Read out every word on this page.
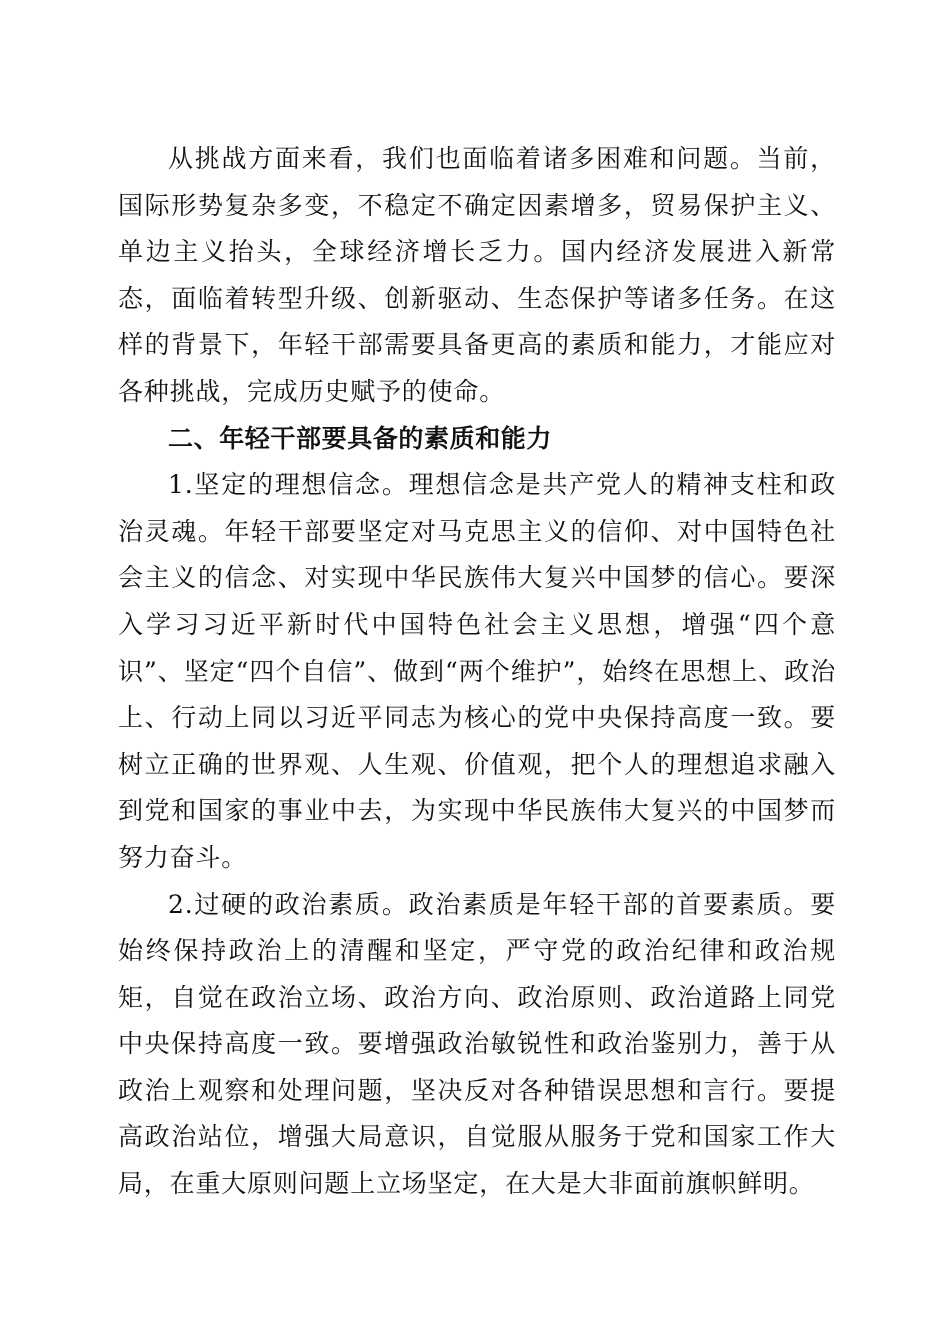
从挑战方面来看，我们也面临着诸多困难和问题。当前，国际形势复杂多变，不稳定不确定因素增多，贸易保护主义、单边主义抬头，全球经济增长乏力。国内经济发展进入新常态，面临着转型升级、创新驱动、生态保护等诸多任务。在这样的背景下，年轻干部需要具备更高的素质和能力，才能应对各种挑战，完成历史赋予的使命。

二、年轻干部要具备的素质和能力

1.坚定的理想信念。理想信念是共产党人的精神支柱和政治灵魂。年轻干部要坚定对马克思主义的信仰、对中国特色社会主义的信念、对实现中华民族伟大复兴中国梦的信心。要深入学习习近平新时代中国特色社会主义思想，增强“四个意识”、坚定“四个自信”、做到“两个维护”，始终在思想上、政治上、行动上同以习近平同志为核心的党中央保持高度一致。要树立正确的世界观、人生观、价值观，把个人的理想追求融入到党和国家的事业中去，为实现中华民族伟大复兴的中国梦而努力奋斗。

2.过硬的政治素质。政治素质是年轻干部的首要素质。要始终保持政治上的清醒和坚定，严守党的政治纪律和政治规矩，自觉在政治立场、政治方向、政治原则、政治道路上同党中央保持高度一致。要增强政治敏锐性和政治鉴别力，善于从政治上观察和处理问题，坚决反对各种错误思想和言行。要提高政治站位，增强大局意识，自觉服从服务于党和国家工作大局，在重大原则问题上立场坚定，在大是大非面前旗帜鲜明。
